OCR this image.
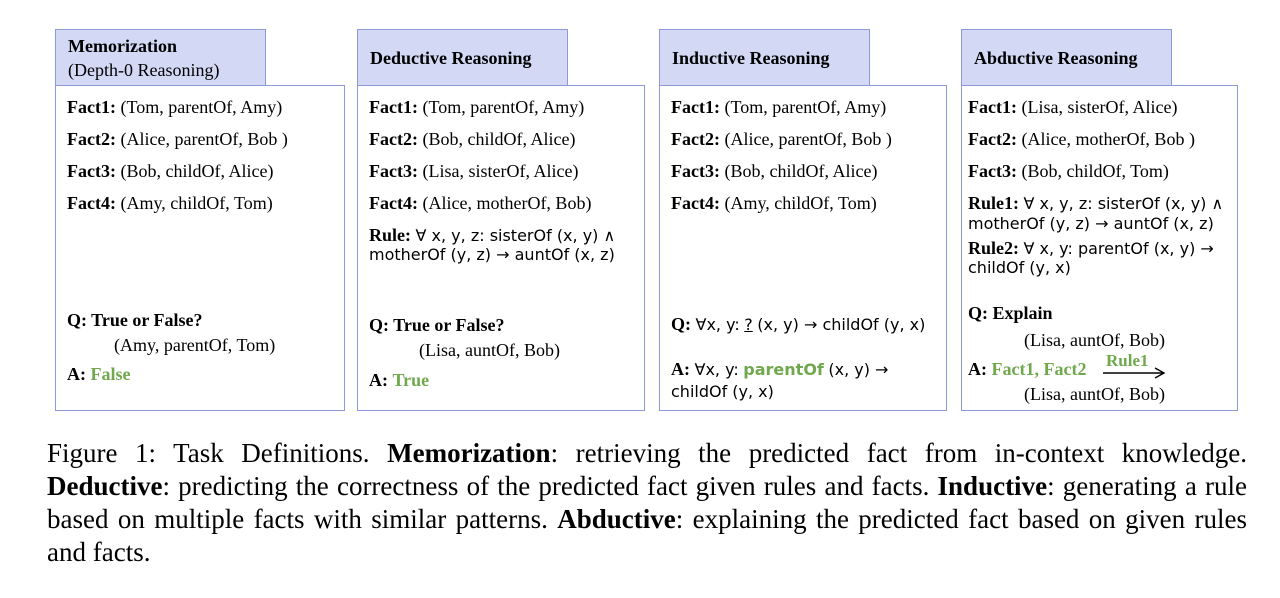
Memorization
(Depth-0 Reasoning)
Fact1: (Tom, parentOf, Amy)
Fact2: (Alice, parentOf, Bob )
Fact3: (Bob, childOf, Alice)
Fact4: (Amy, childOf, Tom)
Q: True or False?
(Amy, parentOf, Tom)
A: False
Deductive Reasoning
Fact1: (Tom, parentOf, Amy)
Fact2: (Bob, childOf, Alice)
Fact3: (Lisa, sisterOf, Alice)
Fact4: (Alice, motherOf, Bob)
Rule: ∀ x, y, z: sisterOf (x, y) ∧
motherOf (y, z) → auntOf (x, z)
Q: True or False?
(Lisa, auntOf, Bob)
A: True
Inductive Reasoning
Fact1: (Tom, parentOf, Amy)
Fact2: (Alice, parentOf, Bob )
Fact3: (Bob, childOf, Alice)
Fact4: (Amy, childOf, Tom)
Q: ∀x, y: ? (x, y) → childOf (y, x)
A: ∀x, y: parentOf (x, y) →
childOf (y, x)
Abductive Reasoning
Fact1: (Lisa, sisterOf, Alice)
Fact2: (Alice, motherOf, Bob )
Fact3: (Bob, childOf, Tom)
Rule1: ∀ x, y, z: sisterOf (x, y) ∧
motherOf (y, z) → auntOf (x, z)
Rule2: ∀ x, y: parentOf (x, y) →
childOf (y, x)
Q: Explain
(Lisa, auntOf, Bob)
A: Fact1, Fact2 Rule1
(Lisa, auntOf, Bob)
Figure 1: Task Definitions. Memorization: retrieving the predicted fact from in-context knowledge. Deductive: predicting the correctness of the predicted fact given rules and facts. Inductive: generating a rule based on multiple facts with similar patterns. Abductive: explaining the predicted fact based on given rules and facts.
